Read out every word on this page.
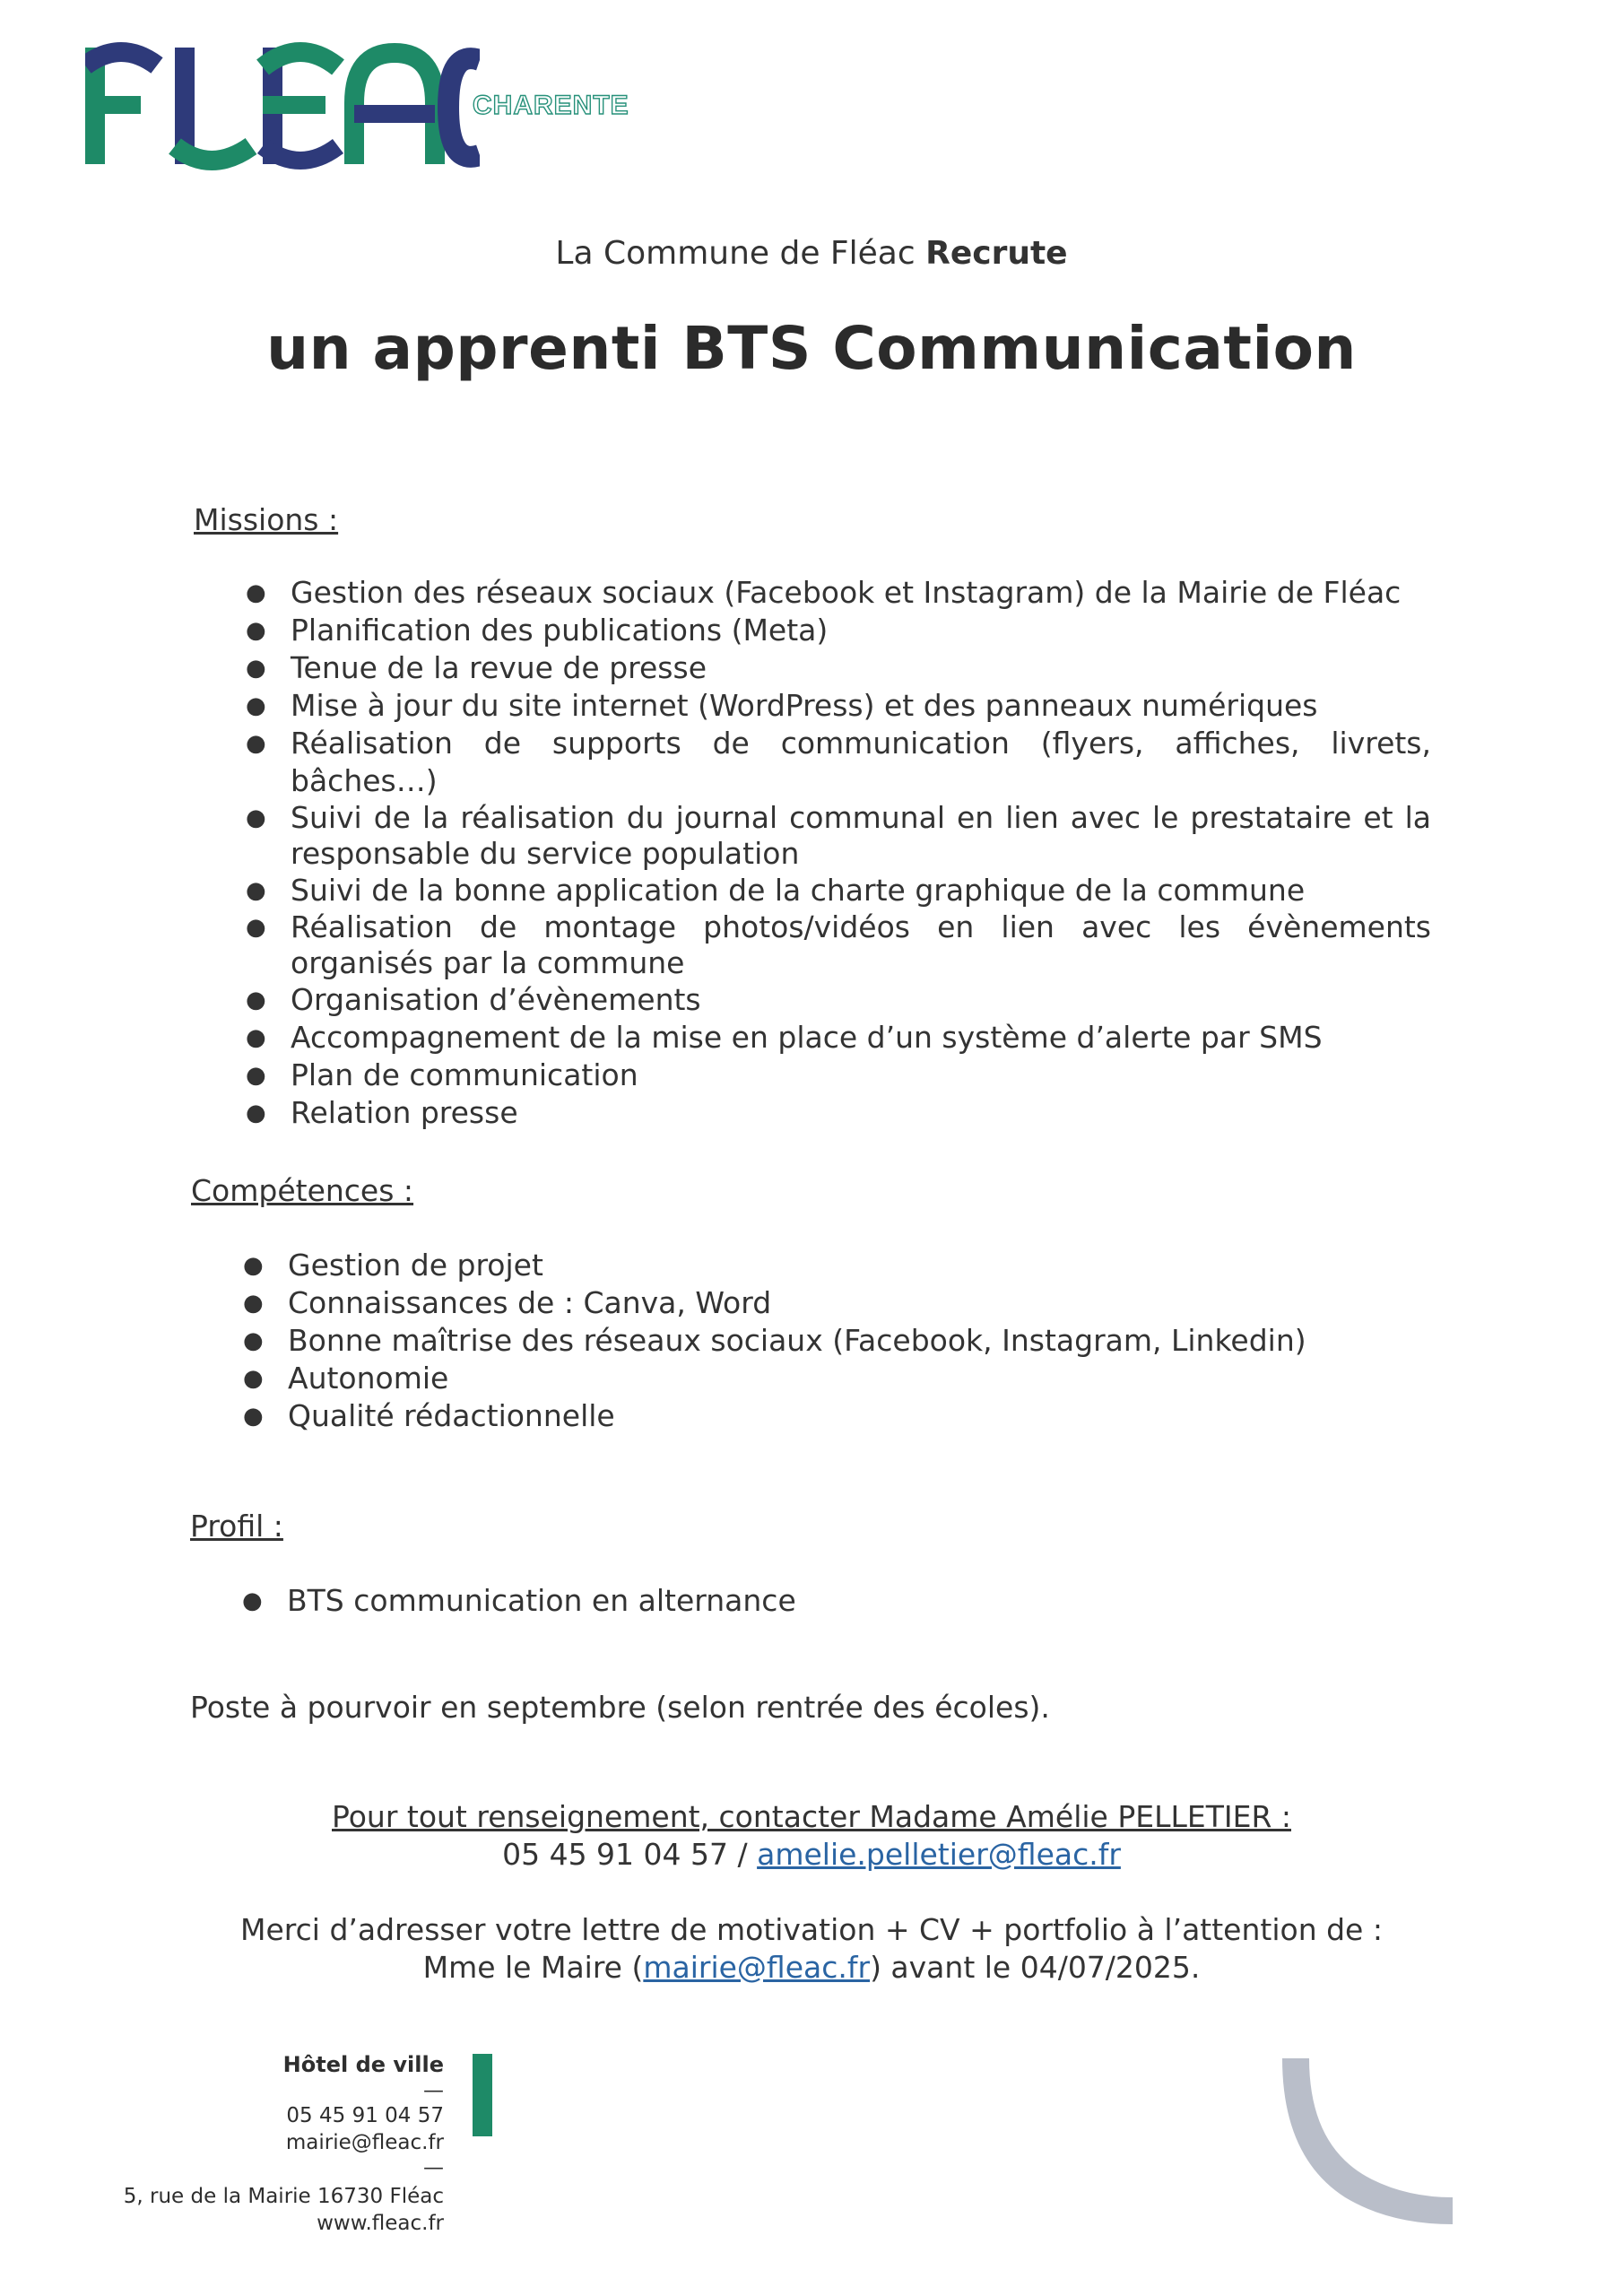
CHARENTE
La Commune de Fléac Recrute
un apprenti BTS Communication
Missions :
● Gestion des réseaux sociaux (Facebook et Instagram) de la Mairie de Fléac
● Planification des publications (Meta)
● Tenue de la revue de presse
● Mise à jour du site internet (WordPress) et des panneaux numériques
● Réalisation de supports de communication (flyers, affiches, livrets, bâches…)
● Suivi de la réalisation du journal communal en lien avec le prestataire et la responsable du service population
● Suivi de la bonne application de la charte graphique de la commune
● Réalisation de montage photos/vidéos en lien avec les évènements organisés par la commune
● Organisation d’évènements
● Accompagnement de la mise en place d’un système d’alerte par SMS
● Plan de communication
● Relation presse
Compétences :
● Gestion de projet
● Connaissances de : Canva, Word
● Bonne maîtrise des réseaux sociaux (Facebook, Instagram, Linkedin)
● Autonomie
● Qualité rédactionnelle
Profil :
● BTS communication en alternance
Poste à pourvoir en septembre (selon rentrée des écoles).
Pour tout renseignement, contacter Madame Amélie PELLETIER :
05 45 91 04 57 / amelie.pelletier@fleac.fr
Merci d’adresser votre lettre de motivation + CV + portfolio à l’attention de :
Mme le Maire (mairie@fleac.fr) avant le 04/07/2025.
Hôtel de ville
—
05 45 91 04 57
mairie@fleac.fr
—
5, rue de la Mairie 16730 Fléac
www.fleac.fr
